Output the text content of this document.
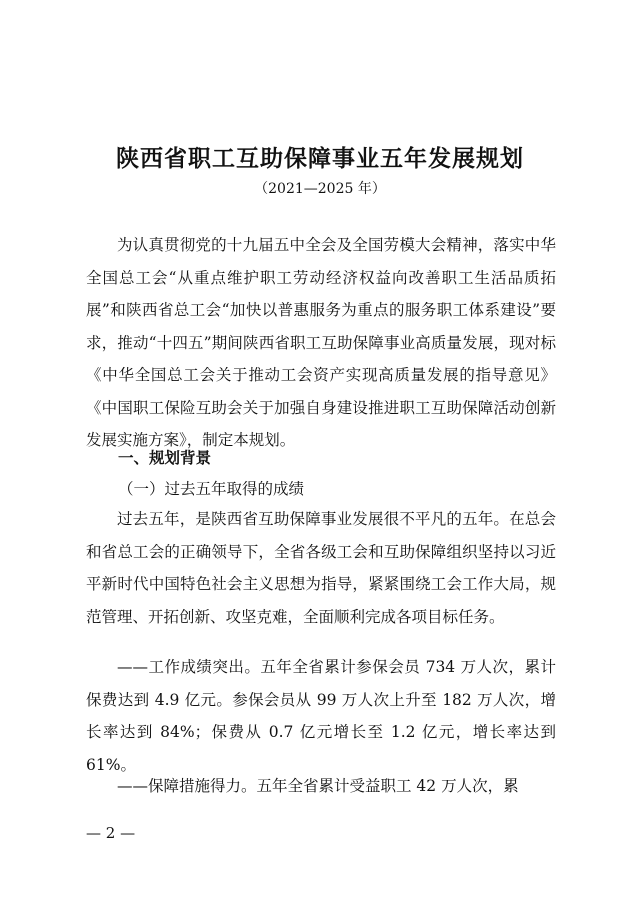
陕西省职工互助保障事业五年发展规划
（2021—2025 年）
为认真贯彻党的十九届五中全会及全国劳模大会精神，落实中华全国总工会“从重点维护职工劳动经济权益向改善职工生活品质拓展”和陕西省总工会“加快以普惠服务为重点的服务职工体系建设”要求，推动“十四五”期间陕西省职工互助保障事业高质量发展，现对标《中华全国总工会关于推动工会资产实现高质量发展的指导意见》《中国职工保险互助会关于加强自身建设推进职工互助保障活动创新发展实施方案》，制定本规划。
一、规划背景
（一）过去五年取得的成绩
过去五年，是陕西省互助保障事业发展很不平凡的五年。在总会和省总工会的正确领导下，全省各级工会和互助保障组织坚持以习近平新时代中国特色社会主义思想为指导，紧紧围绕工会工作大局，规范管理、开拓创新、攻坚克难，全面顺利完成各项目标任务。
——工作成绩突出。五年全省累计参保会员 734 万人次，累计保费达到 4.9 亿元。参保会员从 99 万人次上升至 182 万人次，增长率达到 84%；保费从 0.7 亿元增长至 1.2 亿元，增长率达到 61%。
——保障措施得力。五年全省累计受益职工 42 万人次，累
— 2 —
